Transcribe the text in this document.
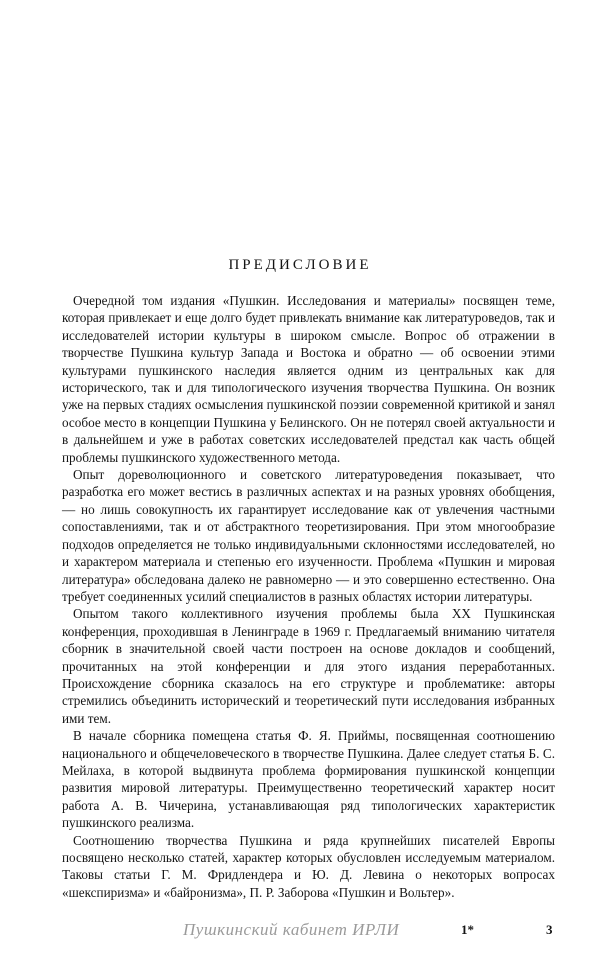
ПРЕДИСЛОВИЕ

Очередной том издания «Пушкин. Исследования и материалы» посвящен теме, которая привлекает и еще долго будет привлекать внимание как литературоведов, так и исследователей истории культуры в широком смысле. Вопрос об отражении в творчестве Пушкина культур Запада и Востока и обратно — об освоении этими культурами пушкинского наследия является одним из центральных как для исторического, так и для типологического изучения творчества Пушкина. Он возник уже на первых стадиях осмысления пушкинской поэзии современной критикой и занял особое место в концепции Пушкина у Белинского. Он не потерял своей актуальности и в дальнейшем и уже в работах советских исследователей предстал как часть общей проблемы пушкинского художественного метода.

Опыт дореволюционного и советского литературоведения показывает, что разработка его может вестись в различных аспектах и на разных уровнях обобщения, — но лишь совокупность их гарантирует исследование как от увлечения частными сопоставлениями, так и от абстрактного теоретизирования. При этом многообразие подходов определяется не только индивидуальными склонностями исследователей, но и характером материала и степенью его изученности. Проблема «Пушкин и мировая литература» обследована далеко не равномерно — и это совершенно естественно. Она требует соединенных усилий специалистов в разных областях истории литературы.

Опытом такого коллективного изучения проблемы была XX Пушкинская конференция, проходившая в Ленинграде в 1969 г. Предлагаемый вниманию читателя сборник в значительной своей части построен на основе докладов и сообщений, прочитанных на этой конференции и для этого издания переработанных. Происхождение сборника сказалось на его структуре и проблематике: авторы стремились объединить исторический и теоретический пути исследования избранных ими тем.

В начале сборника помещена статья Ф. Я. Приймы, посвященная соотношению национального и общечеловеческого в творчестве Пушкина. Далее следует статья Б. С. Мейлаха, в которой выдвинута проблема формирования пушкинской концепции развития мировой литературы. Преимущественно теоретический характер носит работа А. В. Чичерина, устанавливающая ряд типологических характеристик пушкинского реализма.

Соотношению творчества Пушкина и ряда крупнейших писателей Европы посвящено несколько статей, характер которых обусловлен исследуемым материалом. Таковы статьи Г. М. Фридлендера и Ю. Д. Левина о некоторых вопросах «шекспиризма» и «байронизма», П. Р. Заборова «Пушкин и Вольтер».

Пушкинский кабинет ИРЛИ	1*	3
